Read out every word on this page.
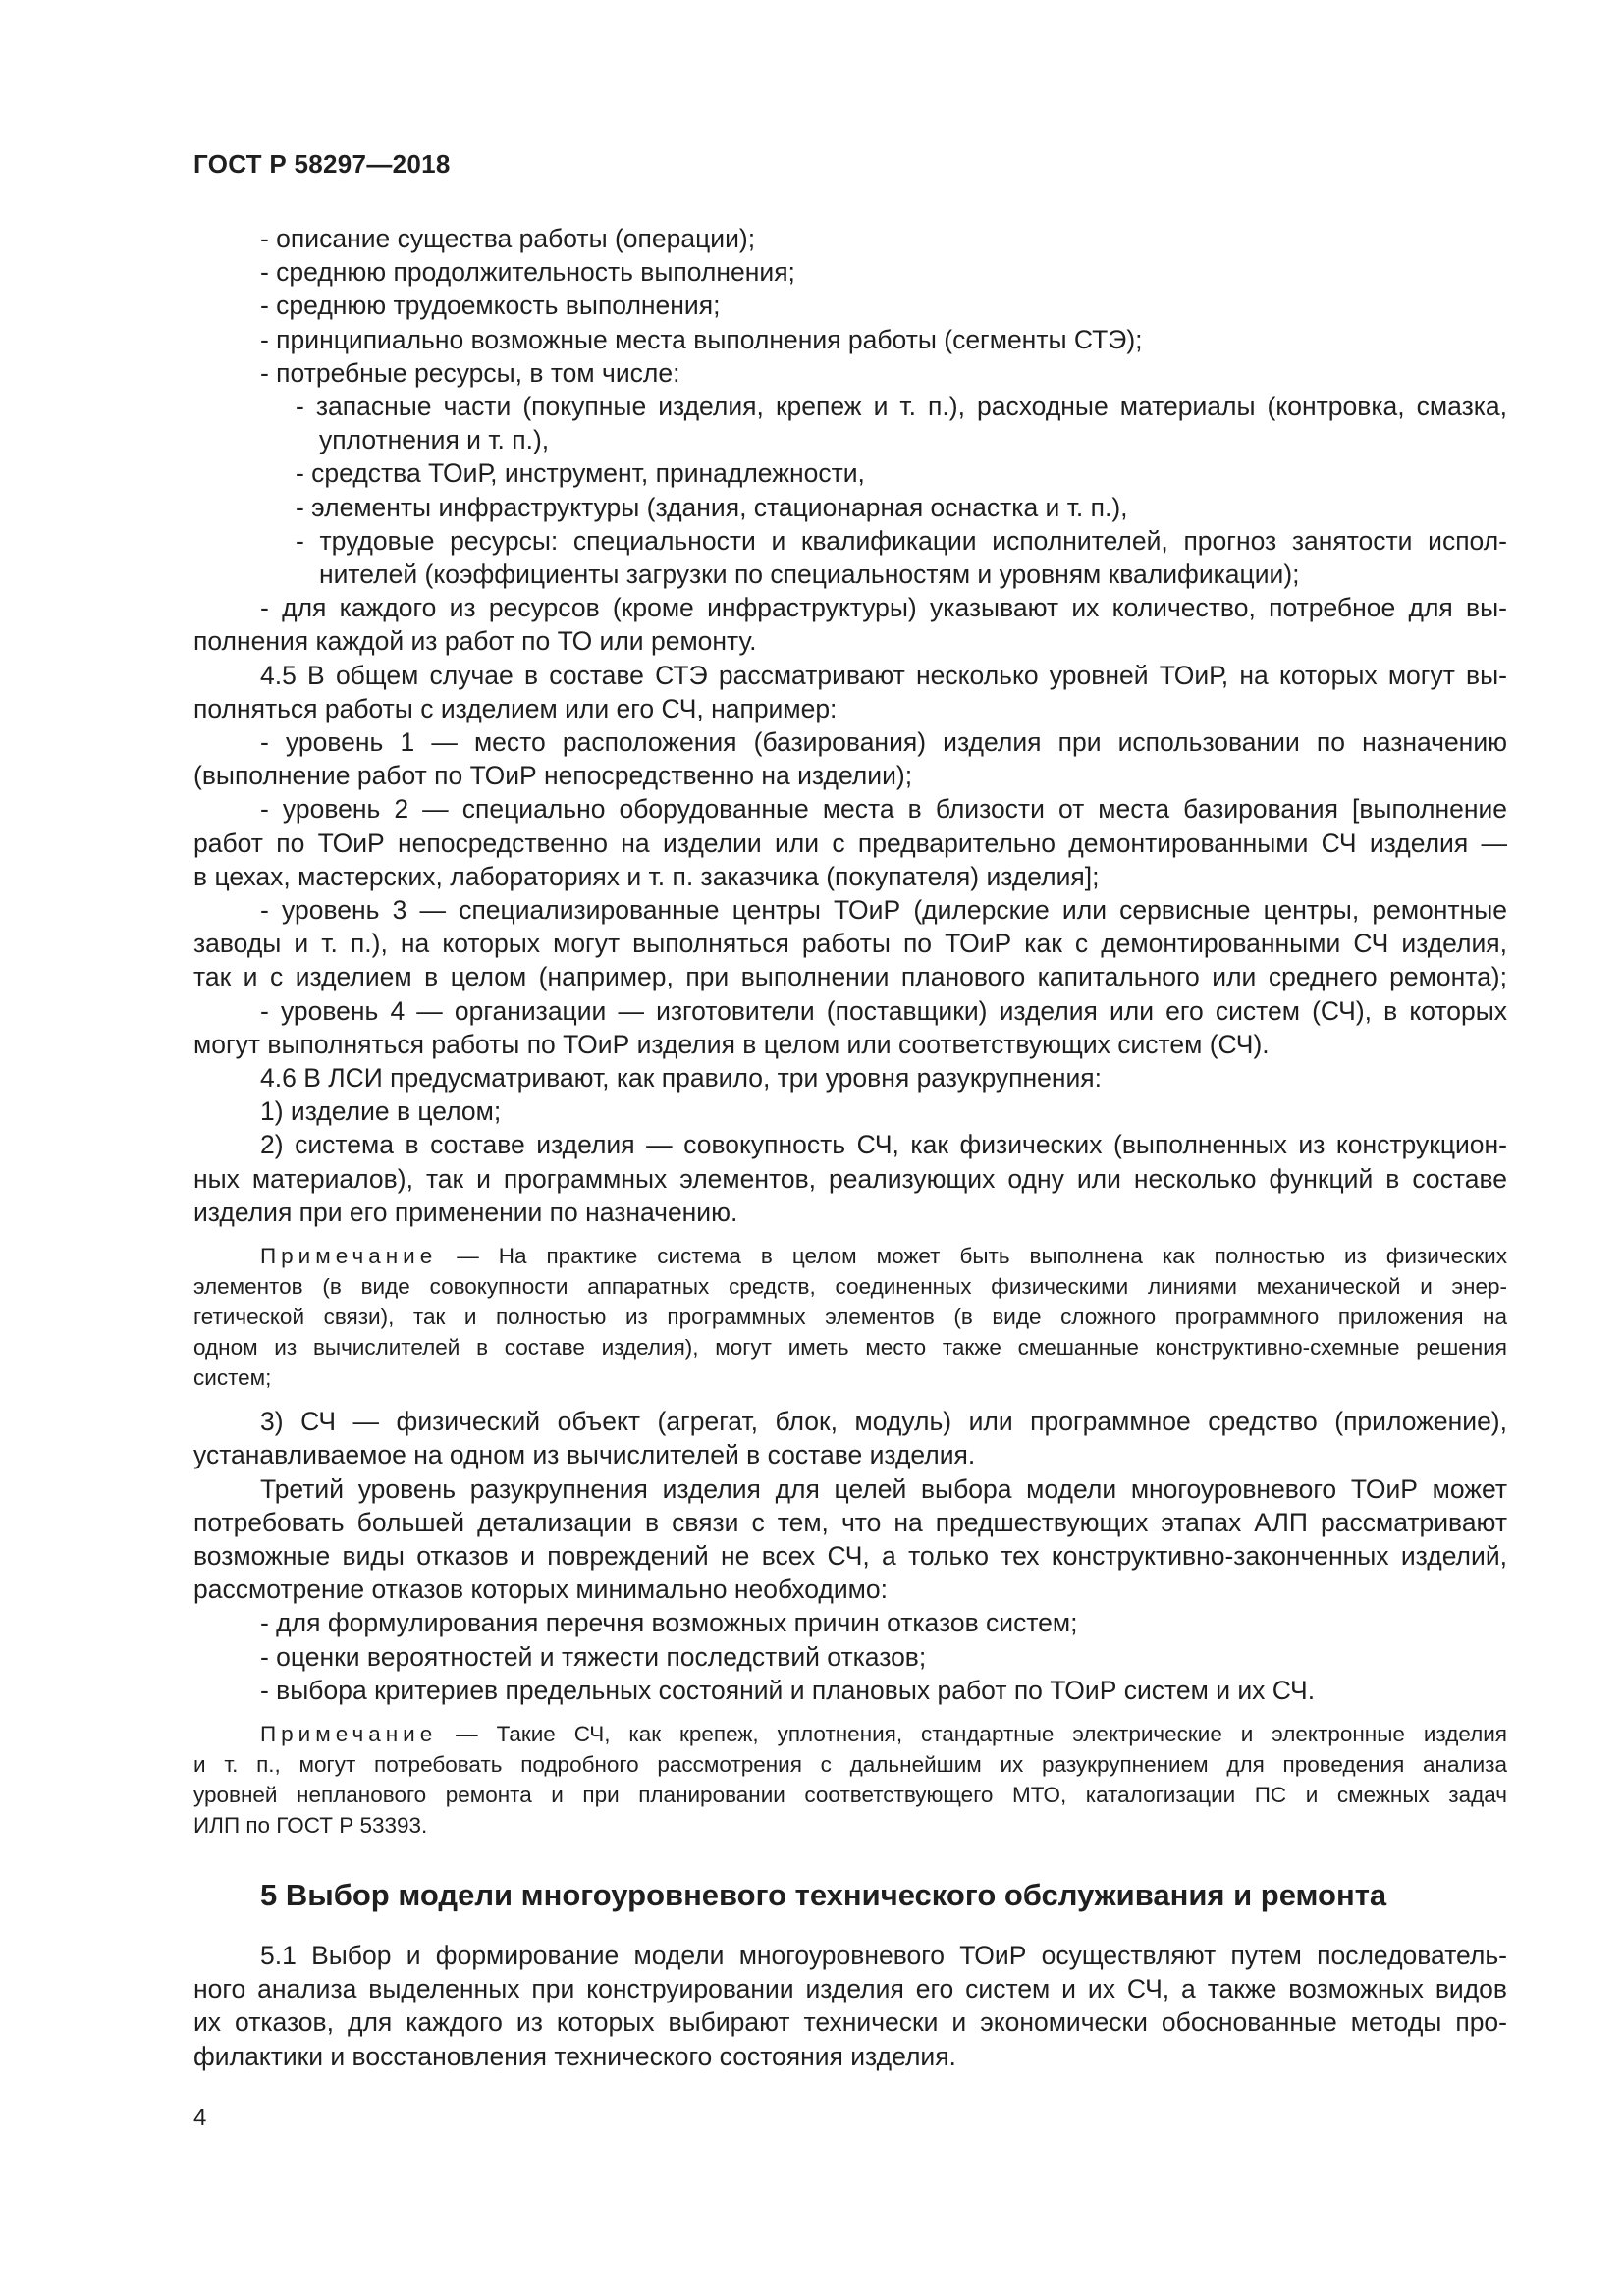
ГОСТ Р 58297—2018

- описание существа работы (операции);

- среднюю продолжительность выполнения;

- среднюю трудоемкость выполнения;

- принципиально возможные места выполнения работы (сегменты СТЭ);

- потребные ресурсы, в том числе:

- запасные части (покупные изделия, крепеж и т. п.), расходные материалы (контровка, смазка,

уплотнения и т. п.),

- средства ТОиР, инструмент, принадлежности,

- элементы инфраструктуры (здания, стационарная оснастка и т. п.),

- трудовые ресурсы: специальности и квалификации исполнителей, прогноз занятости испол-

нителей (коэффициенты загрузки по специальностям и уровням квалификации);

- для каждого из ресурсов (кроме инфраструктуры) указывают их количество, потребное для вы-

полнения каждой из работ по ТО или ремонту.

4.5 В общем случае в составе СТЭ рассматривают несколько уровней ТОиР, на которых могут вы-

полняться работы с изделием или его СЧ, например:

- уровень 1 — место расположения (базирования) изделия при использовании по назначению

(выполнение работ по ТОиР непосредственно на изделии);

- уровень 2 — специально оборудованные места в близости от места базирования [выполнение

работ по ТОиР непосредственно на изделии или с предварительно демонтированными СЧ изделия —

в цехах, мастерских, лабораториях и т. п. заказчика (покупателя) изделия];

- уровень 3 — специализированные центры ТОиР (дилерские или сервисные центры, ремонтные

заводы и т. п.), на которых могут выполняться работы по ТОиР как с демонтированными СЧ изделия,

так и с изделием в целом (например, при выполнении планового капитального или среднего ремонта);

- уровень 4 — организации — изготовители (поставщики) изделия или его систем (СЧ), в которых

могут выполняться работы по ТОиР изделия в целом или соответствующих систем (СЧ).

4.6 В ЛСИ предусматривают, как правило, три уровня разукрупнения:

1) изделие в целом;

2) система в составе изделия — совокупность СЧ, как физических (выполненных из конструкцион-

ных материалов), так и программных элементов, реализующих одну или несколько функций в составе

изделия при его применении по назначению.

Примечание — На практике система в целом может быть выполнена как полностью из физических

элементов (в виде совокупности аппаратных средств, соединенных физическими линиями механической и энер-

гетической связи), так и полностью из программных элементов (в виде сложного программного приложения на

одном из вычислителей в составе изделия), могут иметь место также смешанные конструктивно-схемные решения

систем;

3) СЧ — физический объект (агрегат, блок, модуль) или программное средство (приложение),

устанавливаемое на одном из вычислителей в составе изделия.

Третий уровень разукрупнения изделия для целей выбора модели многоуровневого ТОиР может

потребовать большей детализации в связи с тем, что на предшествующих этапах АЛП рассматривают

возможные виды отказов и повреждений не всех СЧ, а только тех конструктивно-законченных изделий,

рассмотрение отказов которых минимально необходимо:

- для формулирования перечня возможных причин отказов систем;

- оценки вероятностей и тяжести последствий отказов;

- выбора критериев предельных состояний и плановых работ по ТОиР систем и их СЧ.

Примечание — Такие СЧ, как крепеж, уплотнения, стандартные электрические и электронные изделия

и т. п., могут потребовать подробного рассмотрения с дальнейшим их разукрупнением для проведения анализа

уровней непланового ремонта и при планировании соответствующего МТО, каталогизации ПС и смежных задач

ИЛП по ГОСТ Р 53393.

5 Выбор модели многоуровневого технического обслуживания и ремонта

5.1 Выбор и формирование модели многоуровневого ТОиР осуществляют путем последователь-

ного анализа выделенных при конструировании изделия его систем и их СЧ, а также возможных видов

их отказов, для каждого из которых выбирают технически и экономически обоснованные методы про-

филактики и восстановления технического состояния изделия.

4
